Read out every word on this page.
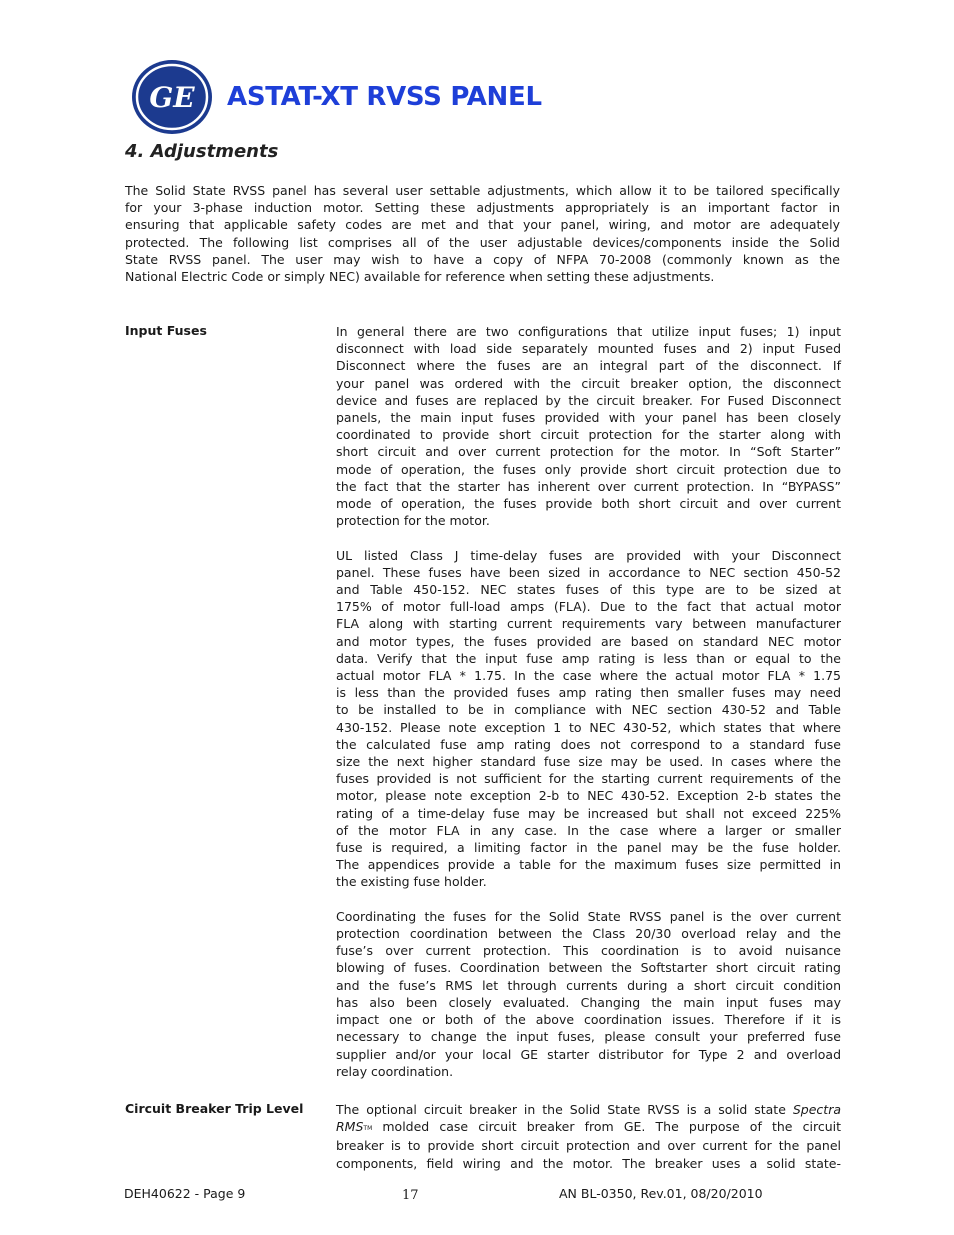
GE ASTAT-XT RVSS PANEL
4. Adjustments
The Solid State RVSS panel has several user settable adjustments, which allow it to be tailored specifically
for your 3-phase induction motor. Setting these adjustments appropriately is an important factor in
ensuring that applicable safety codes are met and that your panel, wiring, and motor are adequately
protected. The following list comprises all of the user adjustable devices/components inside the Solid
State RVSS panel. The user may wish to have a copy of NFPA 70-2008 (commonly known as the
National Electric Code or simply NEC) available for reference when setting these adjustments.
Input Fuses	In general there are two configurations that utilize input fuses; 1) input
disconnect with load side separately mounted fuses and 2) input Fused
Disconnect where the fuses are an integral part of the disconnect. If
your panel was ordered with the circuit breaker option, the disconnect
device and fuses are replaced by the circuit breaker. For Fused Disconnect
panels, the main input fuses provided with your panel has been closely
coordinated to provide short circuit protection for the starter along with
short circuit and over current protection for the motor. In “Soft Starter”
mode of operation, the fuses only provide short circuit protection due to
the fact that the starter has inherent over current protection. In “BYPASS”
mode of operation, the fuses provide both short circuit and over current
protection for the motor.
UL listed Class J time-delay fuses are provided with your Disconnect
panel. These fuses have been sized in accordance to NEC section 450-52
and Table 450-152. NEC states fuses of this type are to be sized at
175% of motor full-load amps (FLA). Due to the fact that actual motor
FLA along with starting current requirements vary between manufacturer
and motor types, the fuses provided are based on standard NEC motor
data. Verify that the input fuse amp rating is less than or equal to the
actual motor FLA * 1.75. In the case where the actual motor FLA * 1.75
is less than the provided fuses amp rating then smaller fuses may need
to be installed to be in compliance with NEC section 430-52 and Table
430-152. Please note exception 1 to NEC 430-52, which states that where
the calculated fuse amp rating does not correspond to a standard fuse
size the next higher standard fuse size may be used. In cases where the
fuses provided is not sufficient for the starting current requirements of the
motor, please note exception 2-b to NEC 430-52. Exception 2-b states the
rating of a time-delay fuse may be increased but shall not exceed 225%
of the motor FLA in any case. In the case where a larger or smaller
fuse is required, a limiting factor in the panel may be the fuse holder.
The appendices provide a table for the maximum fuses size permitted in
the existing fuse holder.
Coordinating the fuses for the Solid State RVSS panel is the over current
protection coordination between the Class 20/30 overload relay and the
fuse’s over current protection. This coordination is to avoid nuisance
blowing of fuses. Coordination between the Softstarter short circuit rating
and the fuse’s RMS let through currents during a short circuit condition
has also been closely evaluated. Changing the main input fuses may
impact one or both of the above coordination issues. Therefore if it is
necessary to change the input fuses, please consult your preferred fuse
supplier and/or your local GE starter distributor for Type 2 and overload
relay coordination.
Circuit Breaker Trip Level	The optional circuit breaker in the Solid State RVSS is a solid state Spectra
RMSTM molded case circuit breaker from GE. The purpose of the circuit
breaker is to provide short circuit protection and over current for the panel
components, field wiring and the motor. The breaker uses a solid state-
DEH40622 - Page 9	17	AN BL-0350, Rev.01, 08/20/2010
